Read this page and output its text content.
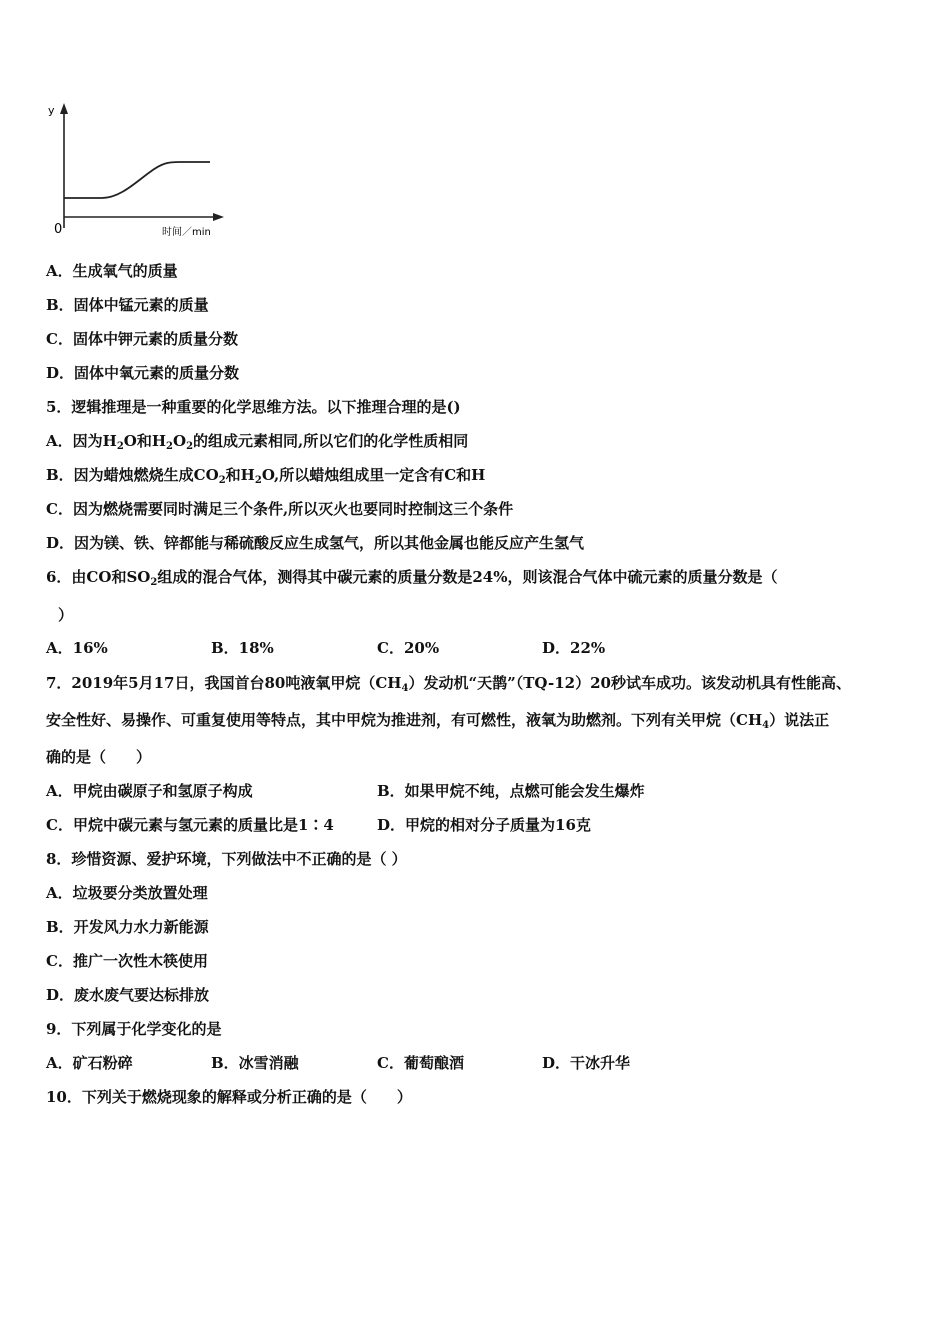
y
0	时间／min
A．生成氧气的质量
B．固体中锰元素的质量
C．固体中钾元素的质量分数
D．固体中氧元素的质量分数
5．逻辑推理是一种重要的化学思维方法。以下推理合理的是()
A．因为$H_2O$和$H_2O_2$的组成元素相同,所以它们的化学性质相同
B．因为蜡烛燃烧生成$CO_2$和$H_2O$,所以蜡烛组成里一定含有C和H
C．因为燃烧需要同时满足三个条件,所以灭火也要同时控制这三个条件
D．因为镁、铁、锌都能与稀硫酸反应生成氢气，所以其他金属也能反应产生氢气
6．由CO和$SO_2$组成的混合气体，测得其中碳元素的质量分数是24%，则该混合气体中硫元素的质量分数是（
）
A．16%	B．18%	C．20%	D．22%
7．2019年5月17日，我国首台80吨液氧甲烷$(CH_4)$发动机“天鹊”（TQ-12）20秒试车成功。该发动机具有性能高、
安全性好、易操作、可重复使用等特点，其中甲烷为推进剂，有可燃性，液氧为助燃剂。下列有关甲烷$(CH_4)$说法正
确的是（　　）
A．甲烷由碳原子和氢原子构成	B．如果甲烷不纯，点燃可能会发生爆炸
C．甲烷中碳元素与氢元素的质量比是1∶4	D．甲烷的相对分子质量为16克
8．珍惜资源、爱护环境，下列做法中不正确的是（ ）
A．垃圾要分类放置处理
B．开发风力水力新能源
C．推广一次性木筷使用
D．废水废气要达标排放
9．下列属于化学变化的是
A．矿石粉碎	B．冰雪消融	C．葡萄酿酒	D．干冰升华
10．下列关于燃烧现象的解释或分析正确的是（　　）
